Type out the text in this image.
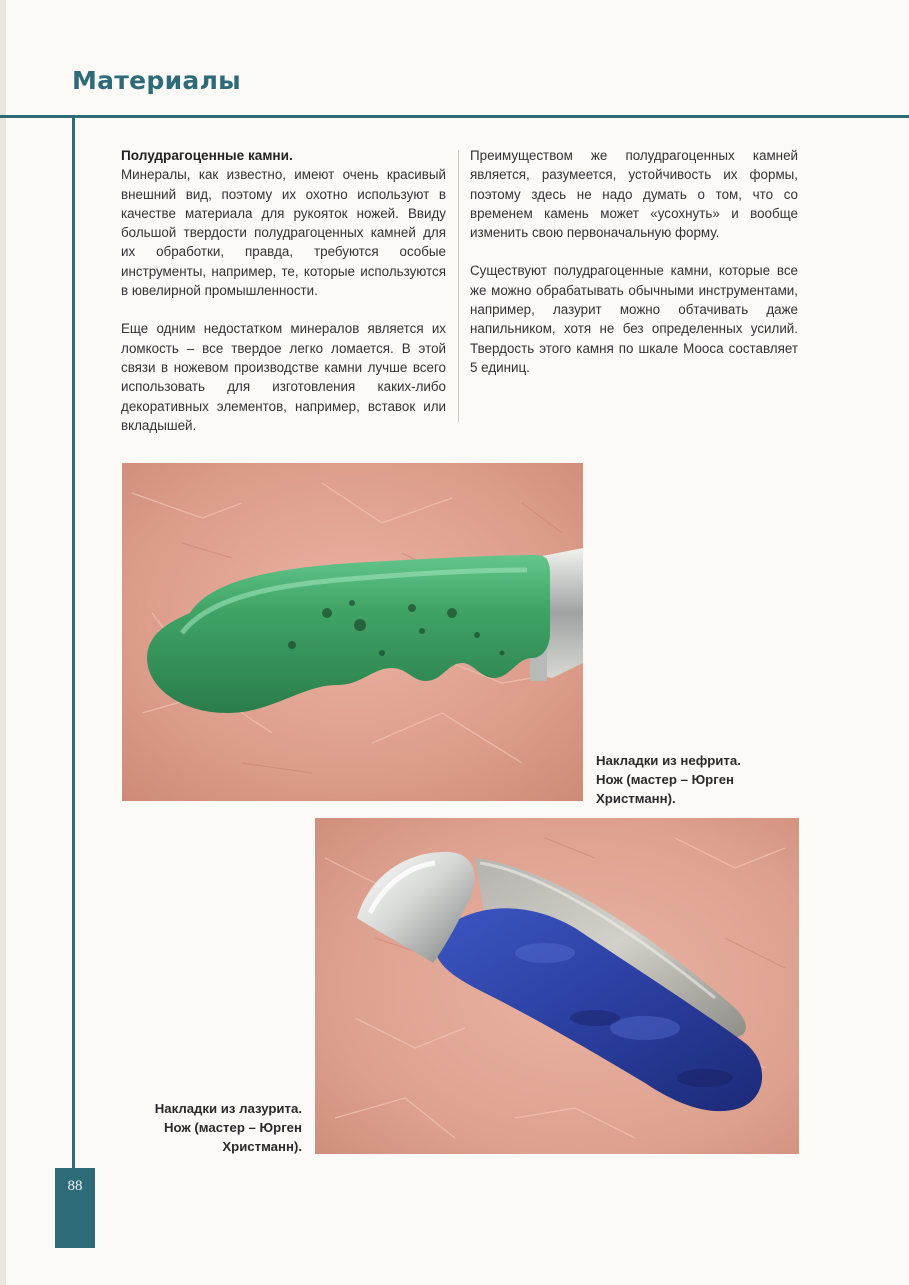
Материалы

Полудрагоценные камни.
Минералы, как известно, имеют очень красивый внешний вид, поэтому их охотно используют в качестве материала для рукояток ножей. Ввиду большой твердости полудрагоценных камней для их обработки, правда, требуются особые инструменты, например, те, которые используются в ювелирной промышленности.

Еще одним недостатком минералов является их ломкость – все твердое легко ломается. В этой связи в ножевом производстве камни лучше всего использовать для изготовления каких-либо декоративных элементов, например, вставок или вкладышей.

Преимуществом же полудрагоценных камней является, разумеется, устойчивость их формы, поэтому здесь не надо думать о том, что со временем камень может «усохнуть» и вообще изменить свою первоначальную форму.

Существуют полудрагоценные камни, которые все же можно обрабатывать обычными инструментами, например, лазурит можно обтачивать даже напильником, хотя не без определенных усилий. Твердость этого камня по шкале Мооса составляет 5 единиц.

Накладки из нефрита.
Нож (мастер – Юрген
Христманн).
Накладки из лазурита.
Нож (мастер – Юрген
Христманн).
88
